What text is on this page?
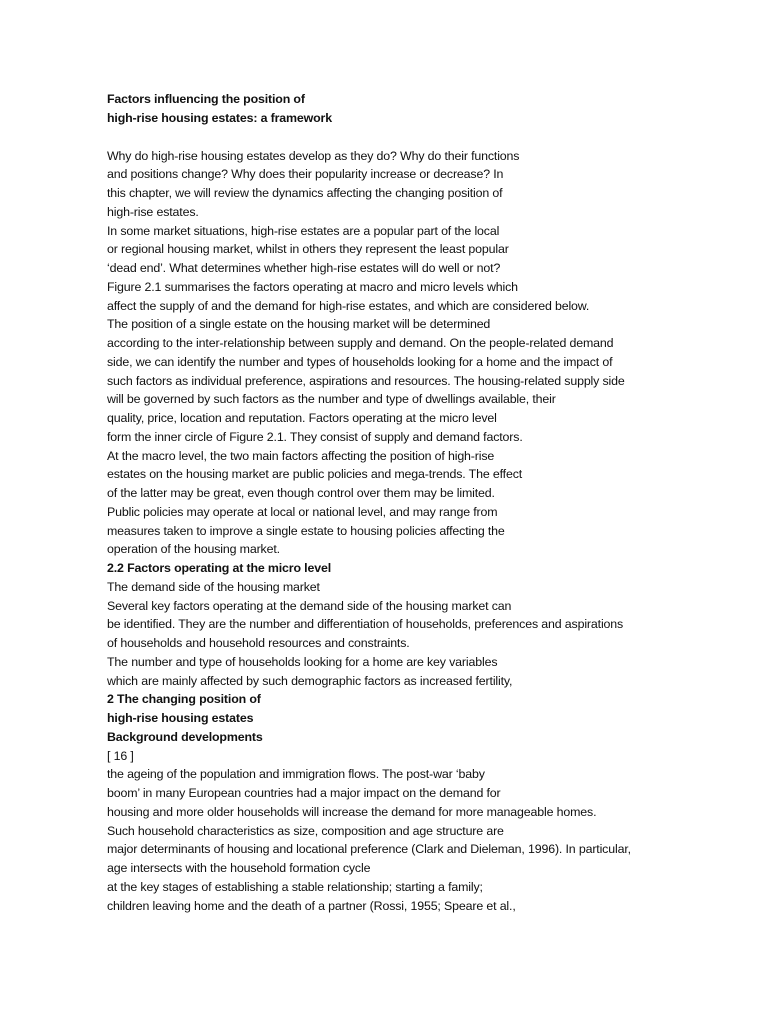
Factors influencing the position of
high-rise housing estates: a framework
Why do high-rise housing estates develop as they do? Why do their functions
and positions change? Why does their popularity increase or decrease? In
this chapter, we will review the dynamics affecting the changing position of
high-rise estates.
In some market situations, high-rise estates are a popular part of the local
or regional housing market, whilst in others they represent the least popular
‘dead end’. What determines whether high-rise estates will do well or not?
Figure 2.1 summarises the factors operating at macro and micro levels which
affect the supply of and the demand for high-rise estates, and which are considered below.
The position of a single estate on the housing market will be determined
according to the inter-relationship between supply and demand. On the people-related demand
side, we can identify the number and types of households looking for a home and the impact of
such factors as individual preference, aspirations and resources. The housing-related supply side
will be governed by such factors as the number and type of dwellings available, their
quality, price, location and reputation. Factors operating at the micro level
form the inner circle of Figure 2.1. They consist of supply and demand factors.
At the macro level, the two main factors affecting the position of high-rise
estates on the housing market are public policies and mega-trends. The effect
of the latter may be great, even though control over them may be limited.
Public policies may operate at local or national level, and may range from
measures taken to improve a single estate to housing policies affecting the
operation of the housing market.
2.2 Factors operating at the micro level
The demand side of the housing market
Several key factors operating at the demand side of the housing market can
be identified. They are the number and differentiation of households, preferences and aspirations
of households and household resources and constraints.
The number and type of households looking for a home are key variables
which are mainly affected by such demographic factors as increased fertility,
2 The changing position of
high-rise housing estates
Background developments
[ 16 ]
the ageing of the population and immigration flows. The post-war ‘baby
boom’ in many European countries had a major impact on the demand for
housing and more older households will increase the demand for more manageable homes.
Such household characteristics as size, composition and age structure are
major determinants of housing and locational preference (Clark and Dieleman, 1996). In particular,
age intersects with the household formation cycle
at the key stages of establishing a stable relationship; starting a family;
children leaving home and the death of a partner (Rossi, 1955; Speare et al.,
